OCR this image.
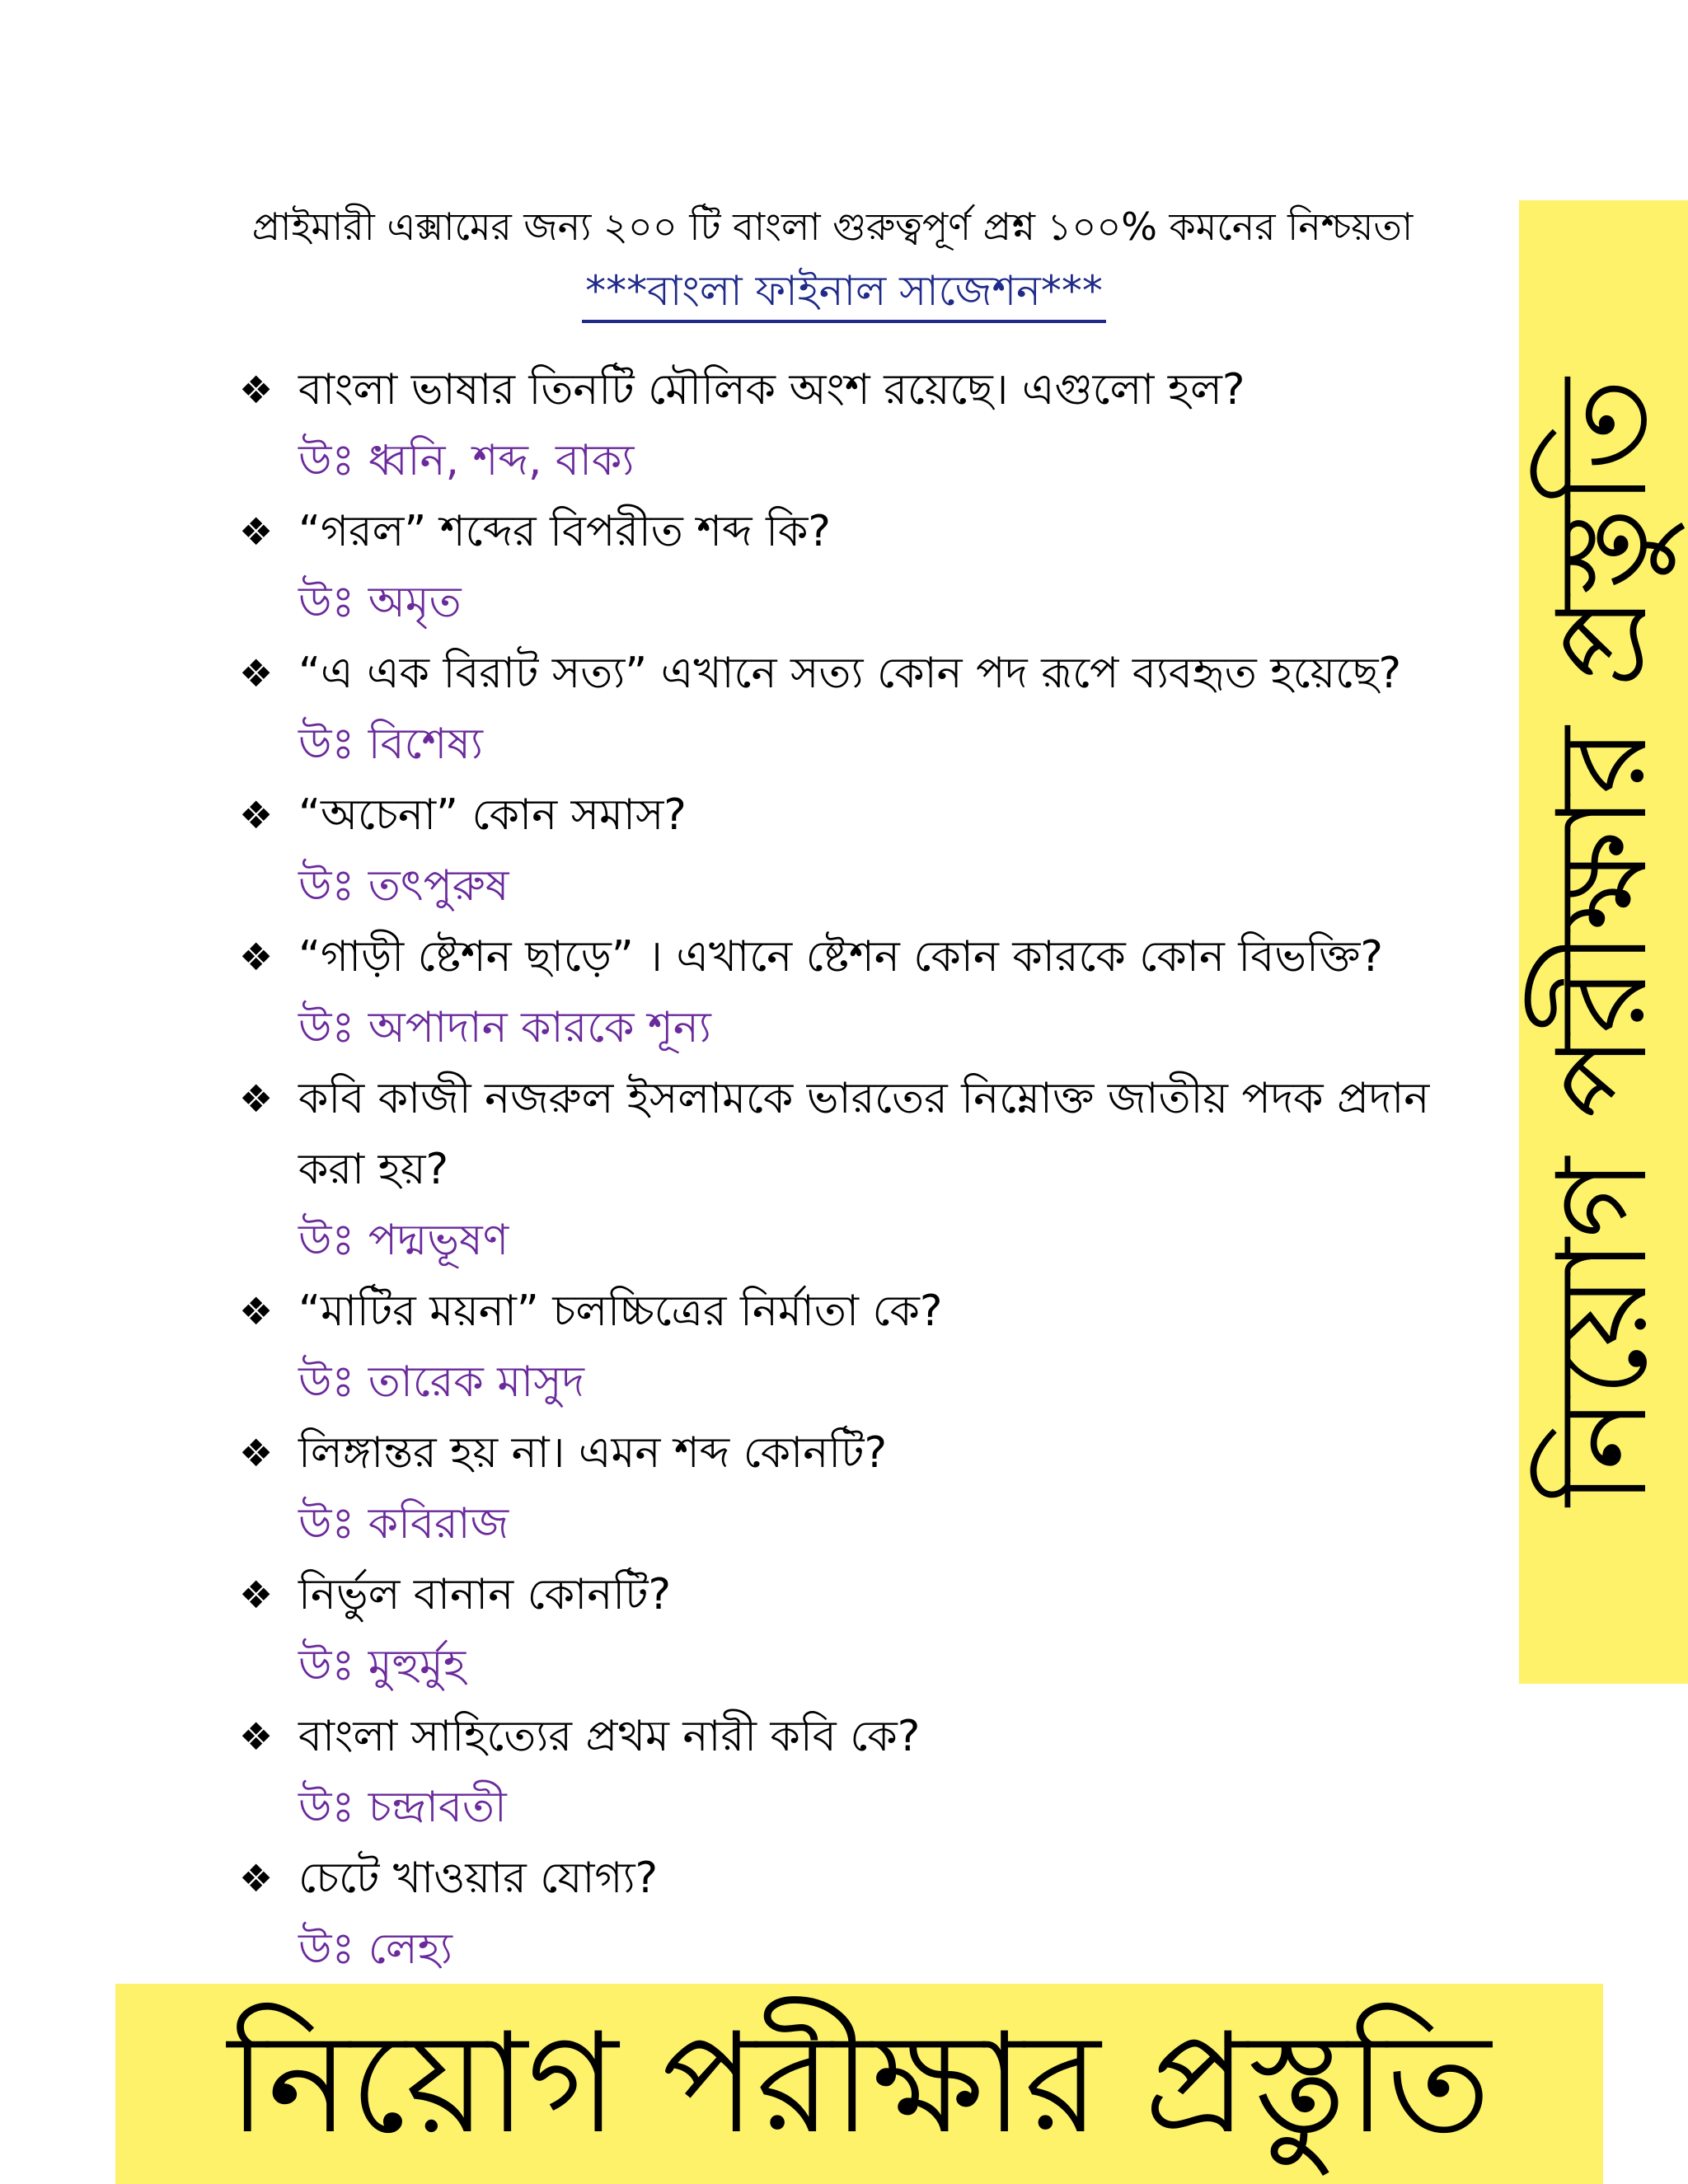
প্রাইমারী এক্সামের জন্য ২০০ টি বাংলা গুরুত্বপূর্ণ প্রশ্ন ১০০% কমনের নিশ্চয়তা
***বাংলা ফাইনাল সাজেশন***
❖ বাংলা ভাষার তিনটি মৌলিক অংশ রয়েছে। এগুলো হল?
উঃ ধ্বনি, শব্দ, বাক্য
❖ “গরল” শব্দের বিপরীত শব্দ কি?
উঃ অমৃত
❖ “এ এক বিরাট সত্য” এখানে সত্য কোন পদ রূপে ব্যবহৃত হয়েছে?
উঃ বিশেষ্য
❖ “অচেনা” কোন সমাস?
উঃ তৎপুরুষ
❖ “গাড়ী ষ্টেশন ছাড়ে” । এখানে ষ্টেশন কোন কারকে কোন বিভক্তি?
উঃ অপাদান কারকে শূন্য
❖ কবি কাজী নজরুল ইসলামকে ভারতের নিম্নোক্ত জাতীয় পদক প্রদান করা হয়?
উঃ পদ্মভূষণ
❖ “মাটির ময়না” চলচ্চিত্রের নির্মাতা কে?
উঃ তারেক মাসুদ
❖ লিঙ্গান্তর হয় না। এমন শব্দ কোনটি?
উঃ কবিরাজ
❖ নির্ভুল বানান কোনটি?
উঃ মুহুর্মুহ
❖ বাংলা সাহিত্যের প্রথম নারী কবি কে?
উঃ চন্দ্রাবতী
❖ চেটে খাওয়ার যোগ্য?
উঃ লেহ্য
নিয়োগ পরীক্ষার প্রস্তুতি
নিয়োগ পরীক্ষার প্রস্তুতি
